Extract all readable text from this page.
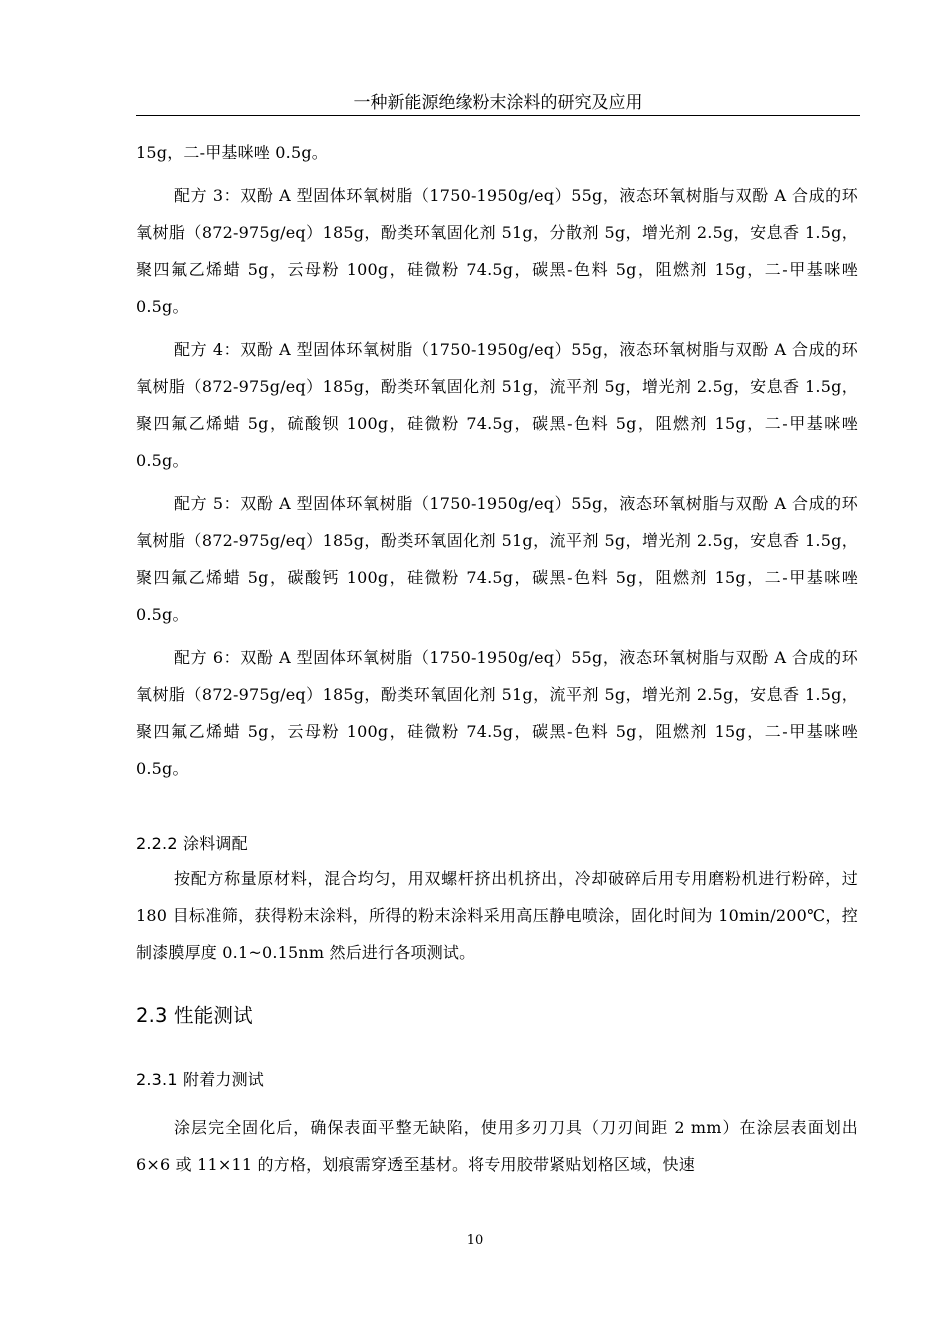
一种新能源绝缘粉末涂料的研究及应用

15g，二-甲基咪唑 0.5g。

配方 3：双酚 A 型固体环氧树脂（1750-1950g/eq）55g，液态环氧树脂与双酚 A 合成的环氧树脂（872-975g/eq）185g，酚类环氧固化剂 51g，分散剂 5g，增光剂 2.5g，安息香 1.5g，聚四氟乙烯蜡 5g，云母粉 100g，硅微粉 74.5g，碳黑-色料 5g，阻燃剂 15g，二-甲基咪唑 0.5g。

配方 4：双酚 A 型固体环氧树脂（1750-1950g/eq）55g，液态环氧树脂与双酚 A 合成的环氧树脂（872-975g/eq）185g，酚类环氧固化剂 51g，流平剂 5g，增光剂 2.5g，安息香 1.5g，聚四氟乙烯蜡 5g，硫酸钡 100g，硅微粉 74.5g，碳黑-色料 5g，阻燃剂 15g，二-甲基咪唑 0.5g。

配方 5：双酚 A 型固体环氧树脂（1750-1950g/eq）55g，液态环氧树脂与双酚 A 合成的环氧树脂（872-975g/eq）185g，酚类环氧固化剂 51g，流平剂 5g，增光剂 2.5g，安息香 1.5g，聚四氟乙烯蜡 5g，碳酸钙 100g，硅微粉 74.5g，碳黑-色料 5g，阻燃剂 15g，二-甲基咪唑 0.5g。

配方 6：双酚 A 型固体环氧树脂（1750-1950g/eq）55g，液态环氧树脂与双酚 A 合成的环氧树脂（872-975g/eq）185g，酚类环氧固化剂 51g，流平剂 5g，增光剂 2.5g，安息香 1.5g，聚四氟乙烯蜡 5g，云母粉 100g，硅微粉 74.5g，碳黑-色料 5g，阻燃剂 15g，二-甲基咪唑 0.5g。

2.2.2 涂料调配

按配方称量原材料，混合均匀，用双螺杆挤出机挤出，冷却破碎后用专用磨粉机进行粉碎，过 180 目标准筛，获得粉末涂料，所得的粉末涂料采用高压静电喷涂，固化时间为 10min/200℃，控制漆膜厚度 0.1~0.15nm 然后进行各项测试。

2.3 性能测试

2.3.1 附着力测试

涂层完全固化后，确保表面平整无缺陷，使用多刃刀具（刀刃间距 2 mm）在涂层表面划出 6×6 或 11×11 的方格，划痕需穿透至基材。将专用胶带紧贴划格区域，快速

10
